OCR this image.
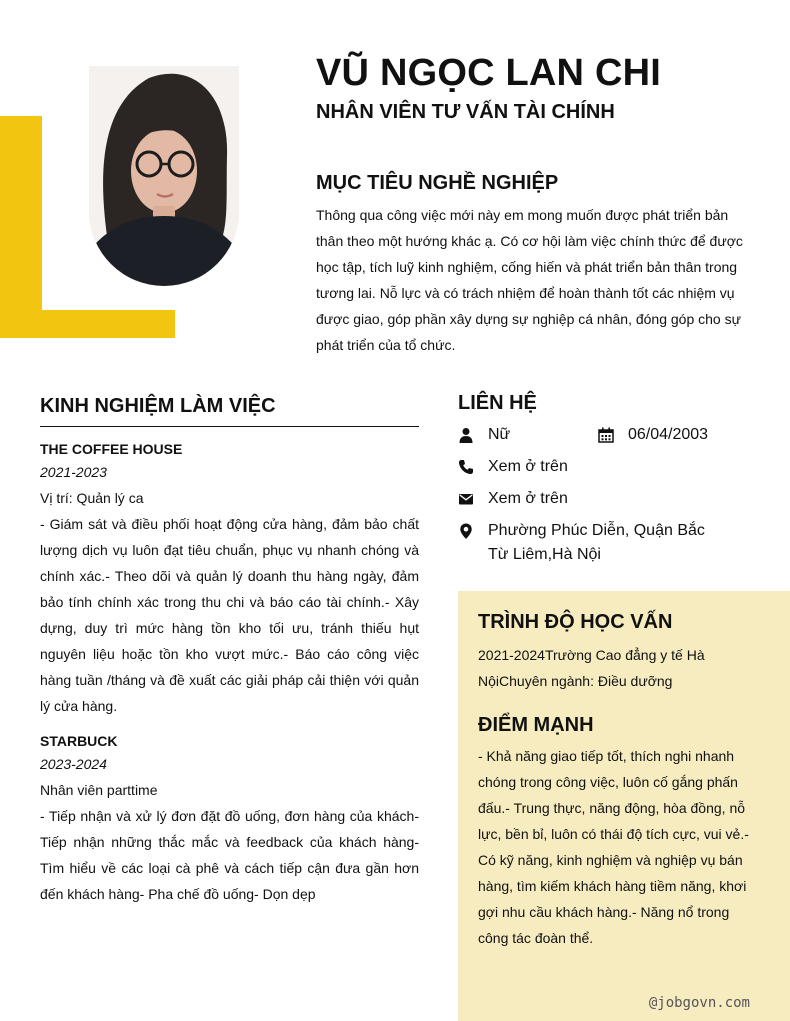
VŨ NGỌC LAN CHI
NHÂN VIÊN TƯ VẤN TÀI CHÍNH
MỤC TIÊU NGHỀ NGHIỆP
Thông qua công việc mới này em mong muốn được phát triển bản thân theo một hướng khác ạ. Có cơ hội làm việc chính thức để được học tập, tích luỹ kinh nghiệm, cống hiến và phát triển bản thân trong tương lai. Nỗ lực và có trách nhiệm để hoàn thành tốt các nhiệm vụ được giao, góp phần xây dựng sự nghiệp cá nhân, đóng góp cho sự phát triển của tổ chức.
KINH NGHIỆM LÀM VIỆC
THE COFFEE HOUSE
2021-2023
Vị trí: Quản lý ca
- Giám sát và điều phối hoạt động cửa hàng, đảm bảo chất lượng dịch vụ luôn đạt tiêu chuẩn, phục vụ nhanh chóng và chính xác.- Theo dõi và quản lý doanh thu hàng ngày, đảm bảo tính chính xác trong thu chi và báo cáo tài chính.- Xây dựng, duy trì mức hàng tồn kho tối ưu, tránh thiếu hụt nguyên liệu hoặc tồn kho vượt mức.- Báo cáo công việc hàng tuần /tháng và đề xuất các giải pháp cải thiện với quản lý cửa hàng.
STARBUCK
2023-2024
Nhân viên parttime
- Tiếp nhận và xử lý đơn đặt đồ uống, đơn hàng của khách- Tiếp nhận những thắc mắc và feedback của khách hàng- Tìm hiểu về các loại cà phê và cách tiếp cận đưa gần hơn đến khách hàng- Pha chế đồ uống- Dọn dẹp
LIÊN HỆ
Nữ	06/04/2003
Xem ở trên
Xem ở trên
Phường Phúc Diễn, Quận Bắc Từ Liêm,Hà Nội
TRÌNH ĐỘ HỌC VẤN
2021-2024Trường Cao đẳng y tế Hà NộiChuyên ngành: Điều dưỡng
ĐIỂM MẠNH
- Khả năng giao tiếp tốt, thích nghi nhanh chóng trong công việc, luôn cố gắng phấn đấu.- Trung thực, năng động, hòa đồng, nỗ lực, bền bỉ, luôn có thái độ tích cực, vui vẻ.- Có kỹ năng, kinh nghiệm và nghiệp vụ bán hàng, tìm kiếm khách hàng tiềm năng, khơi gợi nhu cầu khách hàng.- Năng nổ trong công tác đoàn thể.
@jobgovn.com
